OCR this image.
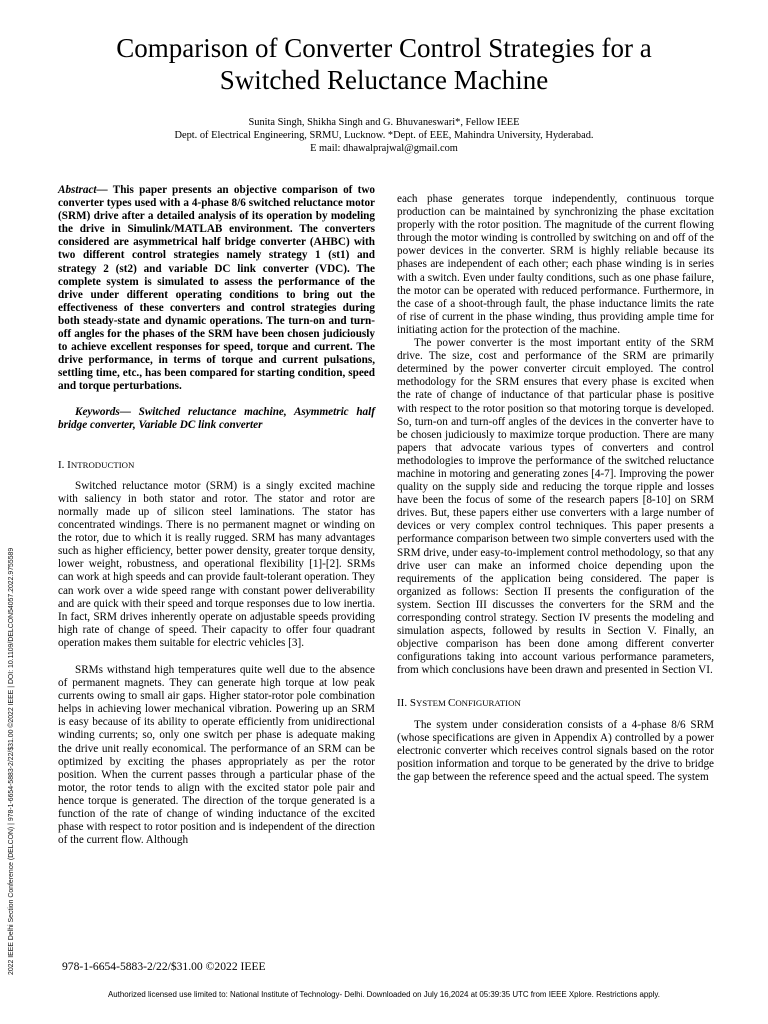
Comparison of Converter Control Strategies for a
Switched Reluctance Machine
Sunita Singh, Shikha Singh and G. Bhuvaneswari*, Fellow IEEE
Dept. of Electrical Engineering, SRMU, Lucknow. *Dept. of EEE, Mahindra University, Hyderabad.
E mail: dhawalprajwal@gmail.com
2022 IEEE Delhi Section Conference (DELCON) | 978-1-6654-5883-2/22/$31.00 ©2022 IEEE | DOI: 10.1109/DELCON54057.2022.9755589

Abstract— This paper presents an objective comparison of two converter types used with a 4-phase 8/6 switched reluctance motor (SRM) drive after a detailed analysis of its operation by modeling the drive in Simulink/MATLAB environment. The converters considered are asymmetrical half bridge converter (AHBC) with two different control strategies namely strategy 1 (st1) and strategy 2 (st2) and variable DC link converter (VDC). The complete system is simulated to assess the performance of the drive under different operating conditions to bring out the effectiveness of these converters and control strategies during both steady-state and dynamic operations. The turn-on and turn-off angles for the phases of the SRM have been chosen judiciously to achieve excellent responses for speed, torque and current. The drive performance, in terms of torque and current pulsations, settling time, etc., has been compared for starting condition, speed and torque perturbations.

Keywords— Switched reluctance machine, Asymmetric half bridge converter, Variable DC link converter

I. INTRODUCTION

Switched reluctance motor (SRM) is a singly excited machine with saliency in both stator and rotor. The stator and rotor are normally made up of silicon steel laminations. The stator has concentrated windings. There is no permanent magnet or winding on the rotor, due to which it is really rugged. SRM has many advantages such as higher efficiency, better power density, greater torque density, lower weight, robustness, and operational flexibility [1]-[2]. SRMs can work at high speeds and can provide fault-tolerant operation. They can work over a wide speed range with constant power deliverability and are quick with their speed and torque responses due to low inertia. In fact, SRM drives inherently operate on adjustable speeds providing high rate of change of speed. Their capacity to offer four quadrant operation makes them suitable for electric vehicles [3].

SRMs withstand high temperatures quite well due to the absence of permanent magnets. They can generate high torque at low peak currents owing to small air gaps. Higher stator-rotor pole combination helps in achieving lower mechanical vibration. Powering up an SRM is easy because of its ability to operate efficiently from unidirectional winding currents; so, only one switch per phase is adequate making the drive unit really economical. The performance of an SRM can be optimized by exciting the phases appropriately as per the rotor position. When the current passes through a particular phase of the motor, the rotor tends to align with the excited stator pole pair and hence torque is generated. The direction of the torque generated is a function of the rate of change of winding inductance of the excited phase with respect to rotor position and is independent of the direction of the current flow. Although

each phase generates torque independently, continuous torque production can be maintained by synchronizing the phase excitation properly with the rotor position. The magnitude of the current flowing through the motor winding is controlled by switching on and off of the power devices in the converter. SRM is highly reliable because its phases are independent of each other; each phase winding is in series with a switch. Even under faulty conditions, such as one phase failure, the motor can be operated with reduced performance. Furthermore, in the case of a shoot-through fault, the phase inductance limits the rate of rise of current in the phase winding, thus providing ample time for initiating action for the protection of the machine.

The power converter is the most important entity of the SRM drive. The size, cost and performance of the SRM are primarily determined by the power converter circuit employed. The control methodology for the SRM ensures that every phase is excited when the rate of change of inductance of that particular phase is positive with respect to the rotor position so that motoring torque is developed. So, turn-on and turn-off angles of the devices in the converter have to be chosen judiciously to maximize torque production. There are many papers that advocate various types of converters and control methodologies to improve the performance of the switched reluctance machine in motoring and generating zones [4-7]. Improving the power quality on the supply side and reducing the torque ripple and losses have been the focus of some of the research papers [8-10] on SRM drives. But, these papers either use converters with a large number of devices or very complex control techniques. This paper presents a performance comparison between two simple converters used with the SRM drive, under easy-to-implement control methodology, so that any drive user can make an informed choice depending upon the requirements of the application being considered. The paper is organized as follows: Section II presents the configuration of the system. Section III discusses the converters for the SRM and the corresponding control strategy. Section IV presents the modeling and simulation aspects, followed by results in Section V. Finally, an objective comparison has been done among different converter configurations taking into account various performance parameters, from which conclusions have been drawn and presented in Section VI.

II. SYSTEM CONFIGURATION

The system under consideration consists of a 4-phase 8/6 SRM (whose specifications are given in Appendix A) controlled by a power electronic converter which receives control signals based on the rotor position information and torque to be generated by the drive to bridge the gap between the reference speed and the actual speed. The system

978-1-6654-5883-2/22/$31.00 ©2022 IEEE
Authorized licensed use limited to: National Institute of Technology- Delhi. Downloaded on July 16,2024 at 05:39:35 UTC from IEEE Xplore. Restrictions apply.
